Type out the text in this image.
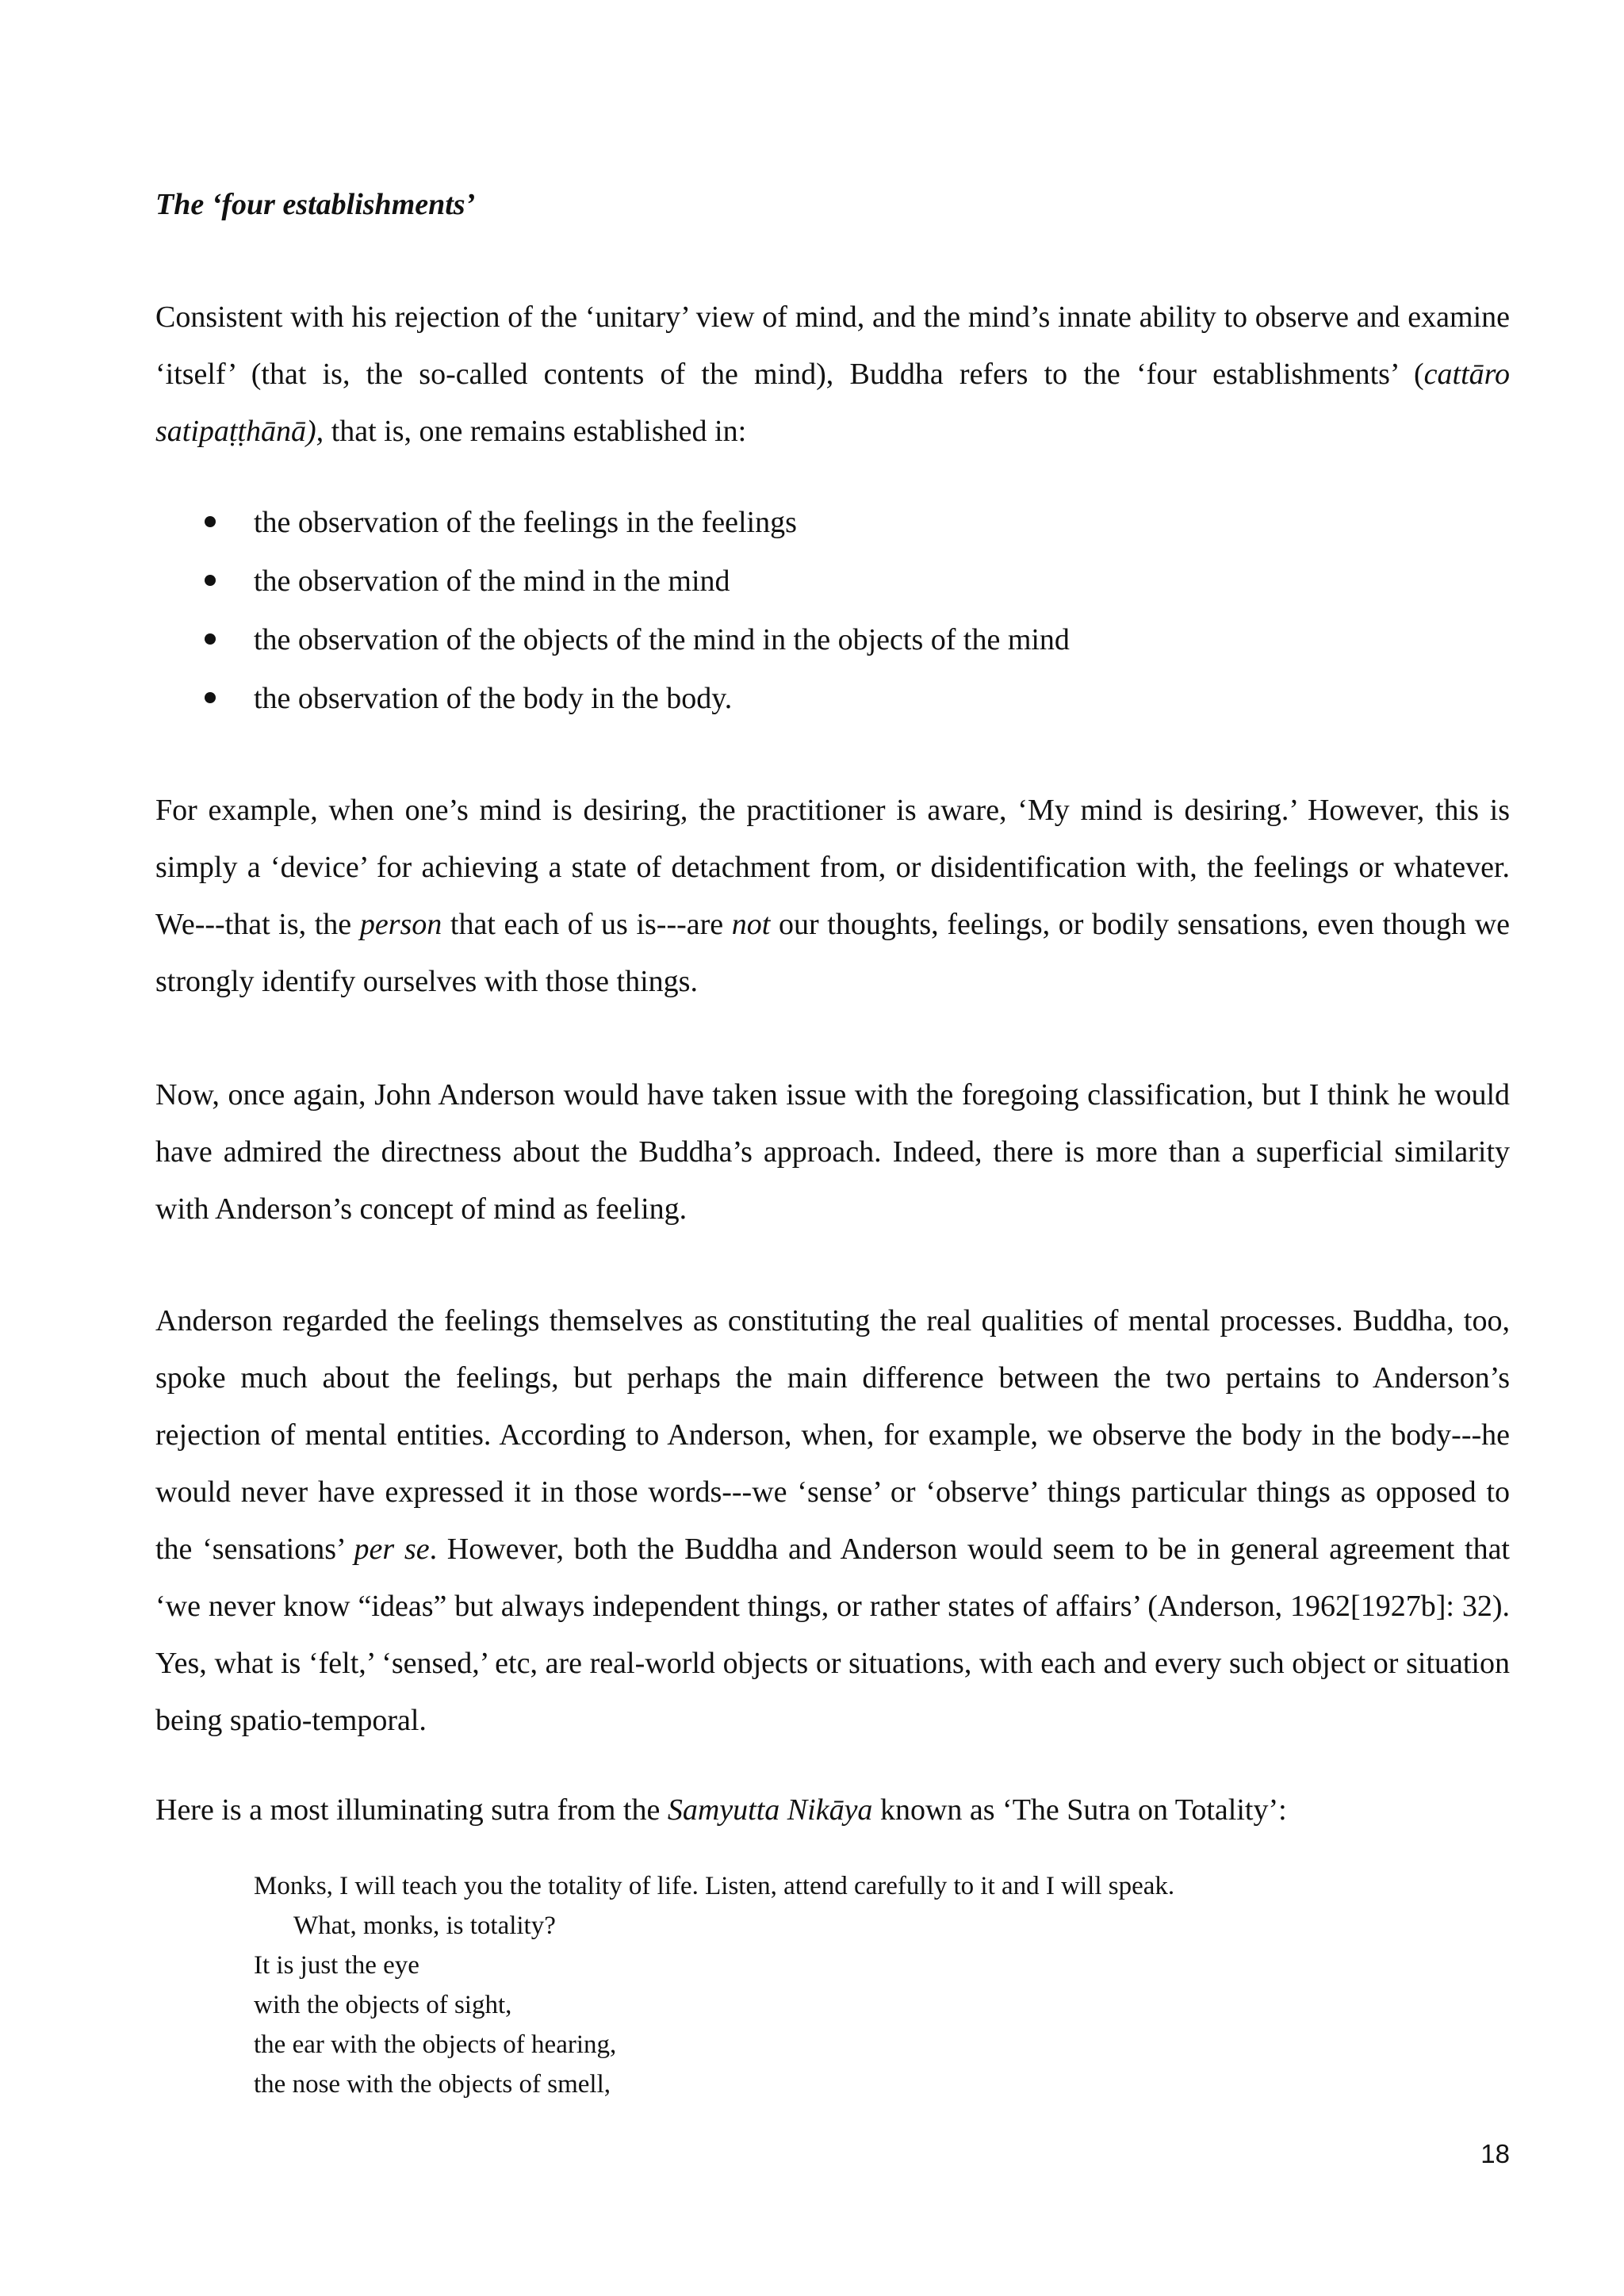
The ‘four establishments’

Consistent with his rejection of the ‘unitary’ view of mind, and the mind’s innate ability to observe and examine ‘itself’ (that is, the so-called contents of the mind), Buddha refers to the ‘four establishments’ (cattāro satipaṭṭhānā), that is, one remains established in:

the observation of the feelings in the feelings
the observation of the mind in the mind
the observation of the objects of the mind in the objects of the mind
the observation of the body in the body.

For example, when one’s mind is desiring, the practitioner is aware, ‘My mind is desiring.’ However, this is simply a ‘device’ for achieving a state of detachment from, or disidentification with, the feelings or whatever. We---that is, the person that each of us is---are not our thoughts, feelings, or bodily sensations, even though we strongly identify ourselves with those things.

Now, once again, John Anderson would have taken issue with the foregoing classification, but I think he would have admired the directness about the Buddha’s approach. Indeed, there is more than a superficial similarity with Anderson’s concept of mind as feeling.

Anderson regarded the feelings themselves as constituting the real qualities of mental processes. Buddha, too, spoke much about the feelings, but perhaps the main difference between the two pertains to Anderson’s rejection of mental entities. According to Anderson, when, for example, we observe the body in the body---he would never have expressed it in those words---we ‘sense’ or ‘observe’ things particular things as opposed to the ‘sensations’ per se. However, both the Buddha and Anderson would seem to be in general agreement that ‘we never know “ideas” but always independent things, or rather states of affairs’ (Anderson, 1962[1927b]: 32). Yes, what is ‘felt,’ ‘sensed,’ etc, are real-world objects or situations, with each and every such object or situation being spatio-temporal.

Here is a most illuminating sutra from the Samyutta Nikāya known as ‘The Sutra on Totality’:

Monks, I will teach you the totality of life. Listen, attend carefully to it and I will speak.
What, monks, is totality?
It is just the eye
with the objects of sight,
the ear with the objects of hearing,
the nose with the objects of smell,
18
